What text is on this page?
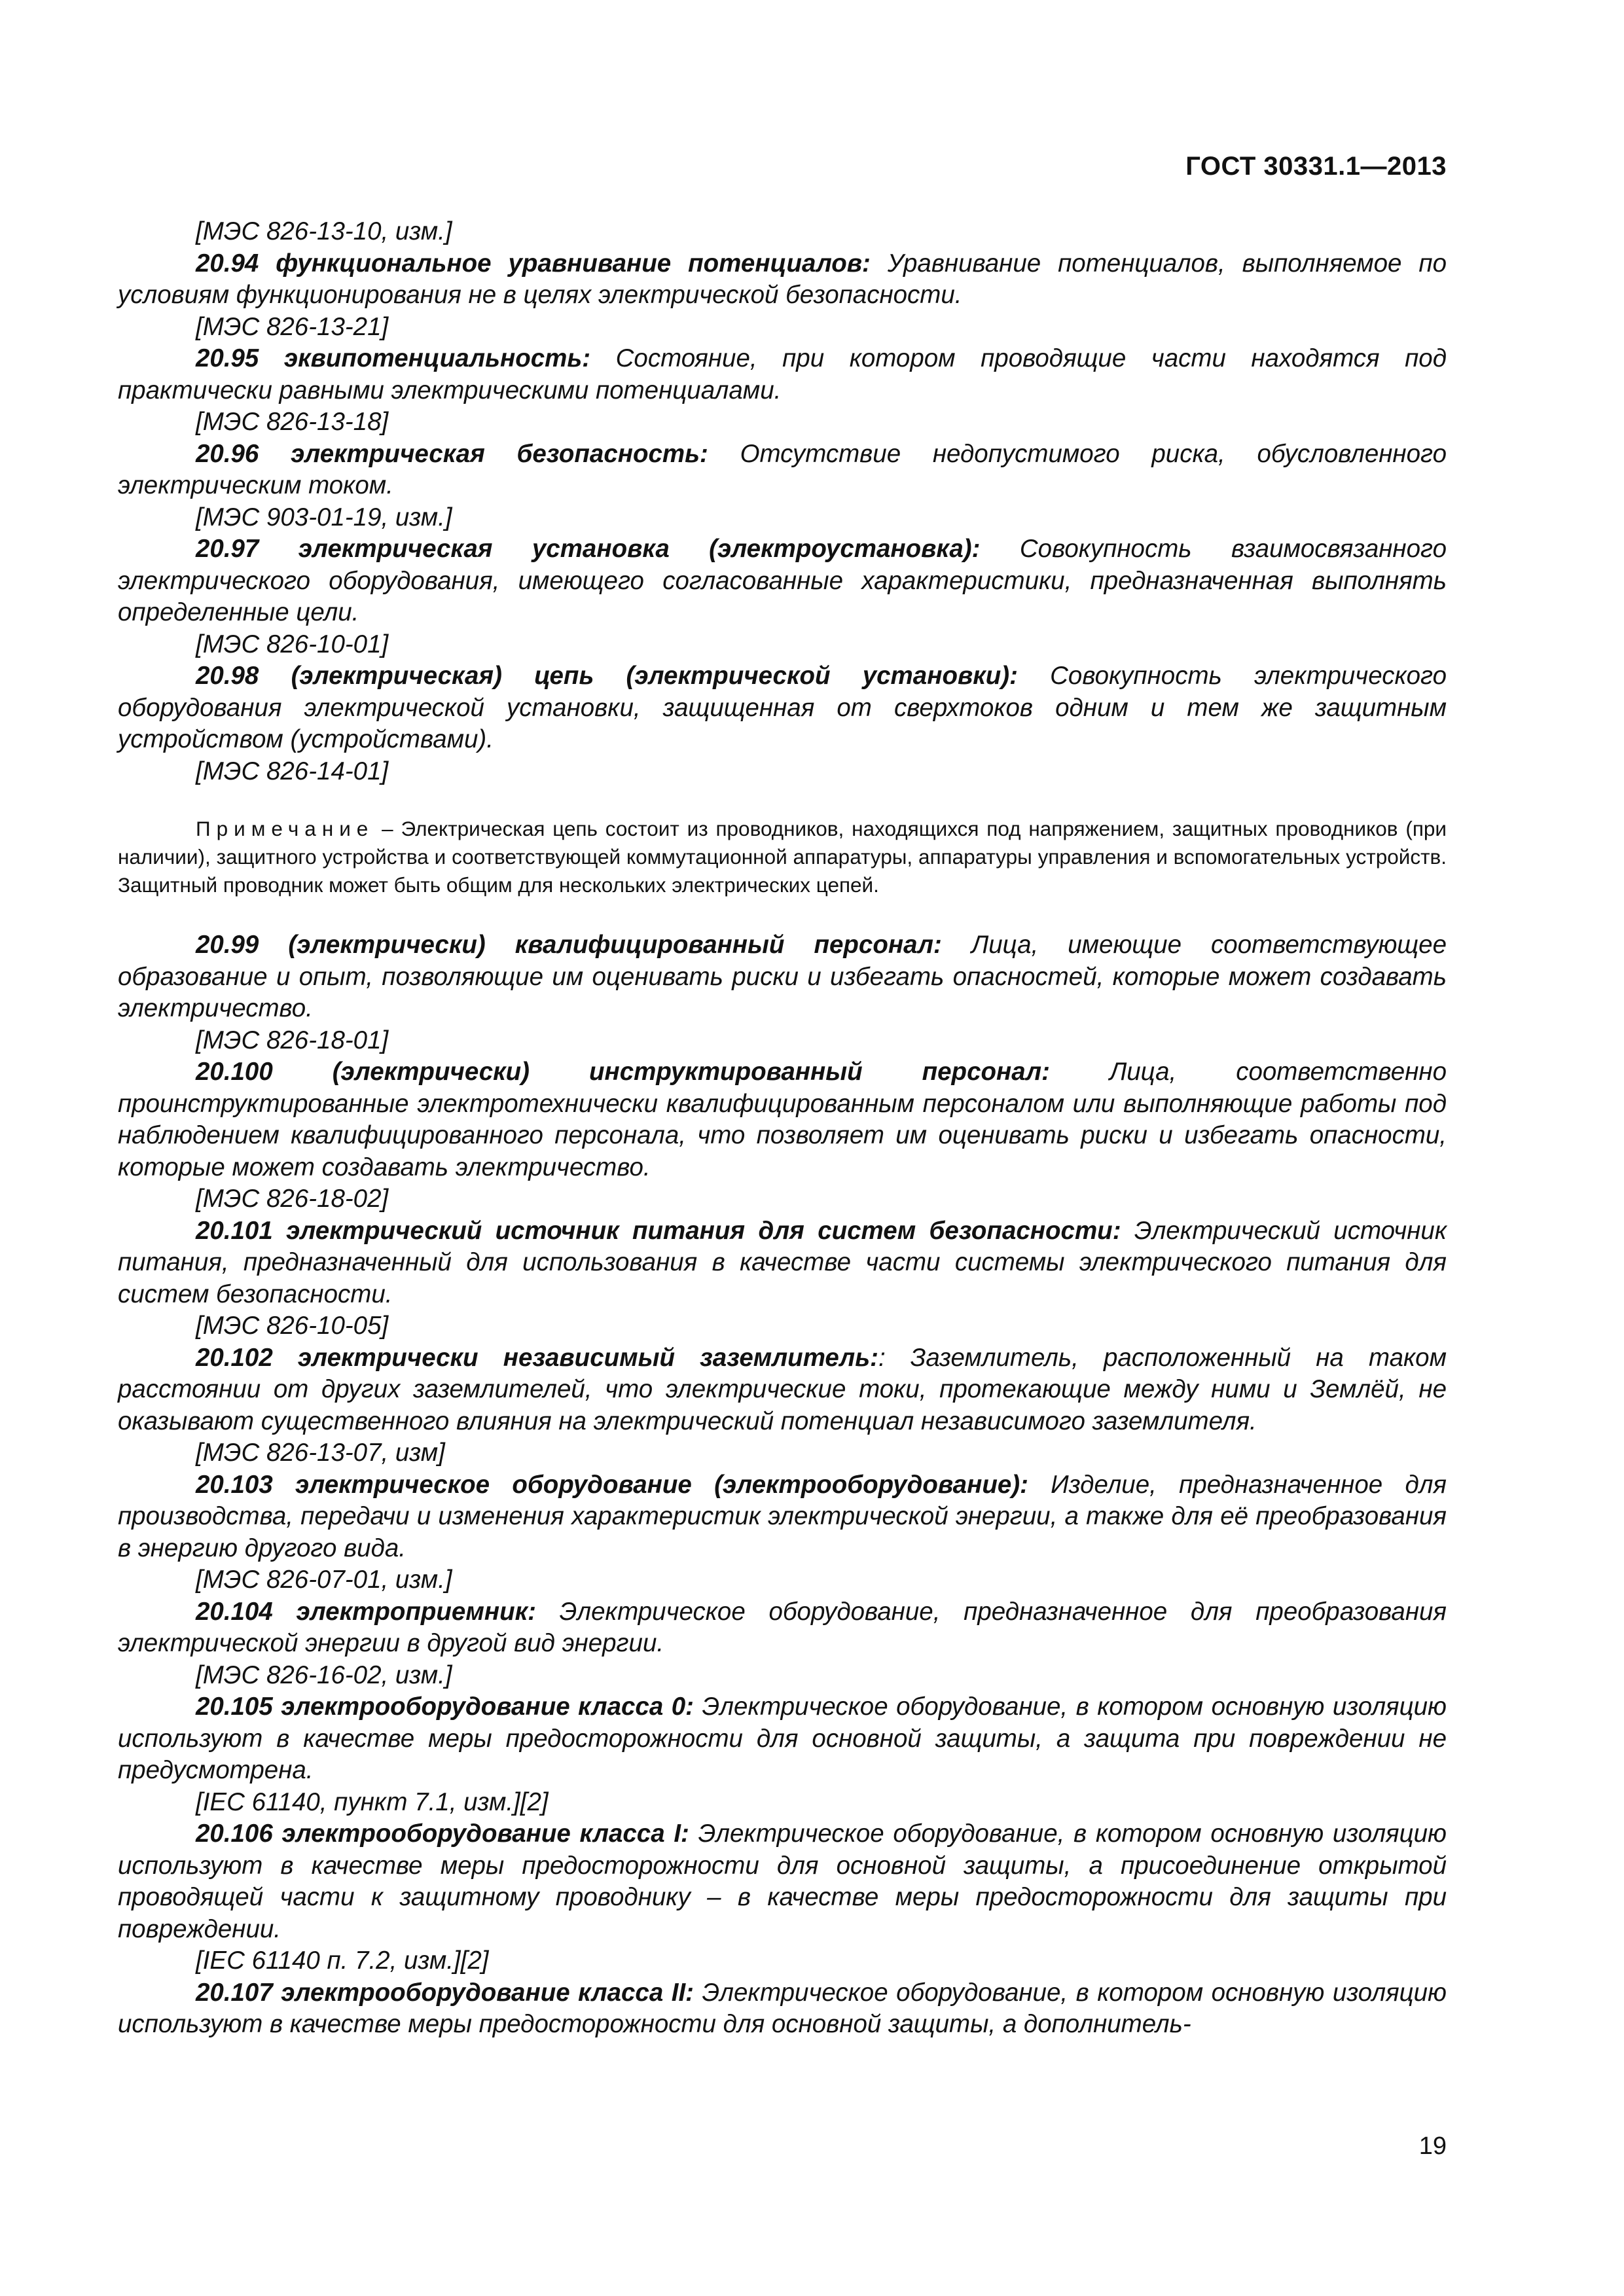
ГОСТ 30331.1—2013

[МЭС 826-13-10, изм.]

20.94 функциональное уравнивание потенциалов: Уравнивание потенциалов, выполняемое по условиям функционирования не в целях электрической безопасности.

[МЭС 826-13-21]

20.95 эквипотенциальность: Состояние, при котором проводящие части находятся под практически равными электрическими потенциалами.

[МЭС 826-13-18]

20.96 электрическая безопасность: Отсутствие недопустимого риска, обусловленного электрическим током.

[МЭС 903-01-19, изм.]

20.97 электрическая установка (электроустановка): Совокупность взаимосвязанного электрического оборудования, имеющего согласованные характеристики, предназначенная выполнять определенные цели.

[МЭС 826-10-01]

20.98 (электрическая) цепь (электрической установки): Совокупность электрического оборудования электрической установки, защищенная от сверхтоков одним и тем же защитным устройством (устройствами).

[МЭС 826-14-01]

Примечание – Электрическая цепь состоит из проводников, находящихся под напряжением, защитных проводников (при наличии), защитного устройства и соответствующей коммутационной аппаратуры, аппаратуры управления и вспомогательных устройств. Защитный проводник может быть общим для нескольких электрических цепей.

20.99 (электрически) квалифицированный персонал: Лица, имеющие соответствующее образование и опыт, позволяющие им оценивать риски и избегать опасностей, которые может создавать электричество.

[МЭС 826-18-01]

20.100 (электрически) инструктированный персонал: Лица, соответственно проинструктированные электротехнически квалифицированным персоналом или выполняющие работы под наблюдением квалифицированного персонала, что позволяет им оценивать риски и избегать опасности, которые может создавать электричество.

[МЭС 826-18-02]

20.101 электрический источник питания для систем безопасности: Электрический источник питания, предназначенный для использования в качестве части системы электрического питания для систем безопасности.

[МЭС 826-10-05]

20.102 электрически независимый заземлитель:: Заземлитель, расположенный на таком расстоянии от других заземлителей, что электрические токи, протекающие между ними и Землёй, не оказывают существенного влияния на электрический потенциал независимого заземлителя.

[МЭС 826-13-07, изм]

20.103 электрическое оборудование (электрооборудование): Изделие, предназначенное для производства, передачи и изменения характеристик электрической энергии, а также для её преобразования в энергию другого вида.

[МЭС 826-07-01, изм.]

20.104 электроприемник: Электрическое оборудование, предназначенное для преобразования электрической энергии в другой вид энергии.

[МЭС 826-16-02, изм.]

20.105 электрооборудование класса 0: Электрическое оборудование, в котором основную изоляцию используют в качестве меры предосторожности для основной защиты, а защита при повреждении не предусмотрена.

[IEC 61140, пункт 7.1, изм.][2]

20.106 электрооборудование класса I: Электрическое оборудование, в котором основную изоляцию используют в качестве меры предосторожности для основной защиты, а присоединение открытой проводящей части к защитному проводнику – в качестве меры предосторожности для защиты при повреждении.

[IEC 61140 п. 7.2, изм.][2]

20.107 электрооборудование класса II: Электрическое оборудование, в котором основную изоляцию используют в качестве меры предосторожности для основной защиты, а дополнитель-

19
